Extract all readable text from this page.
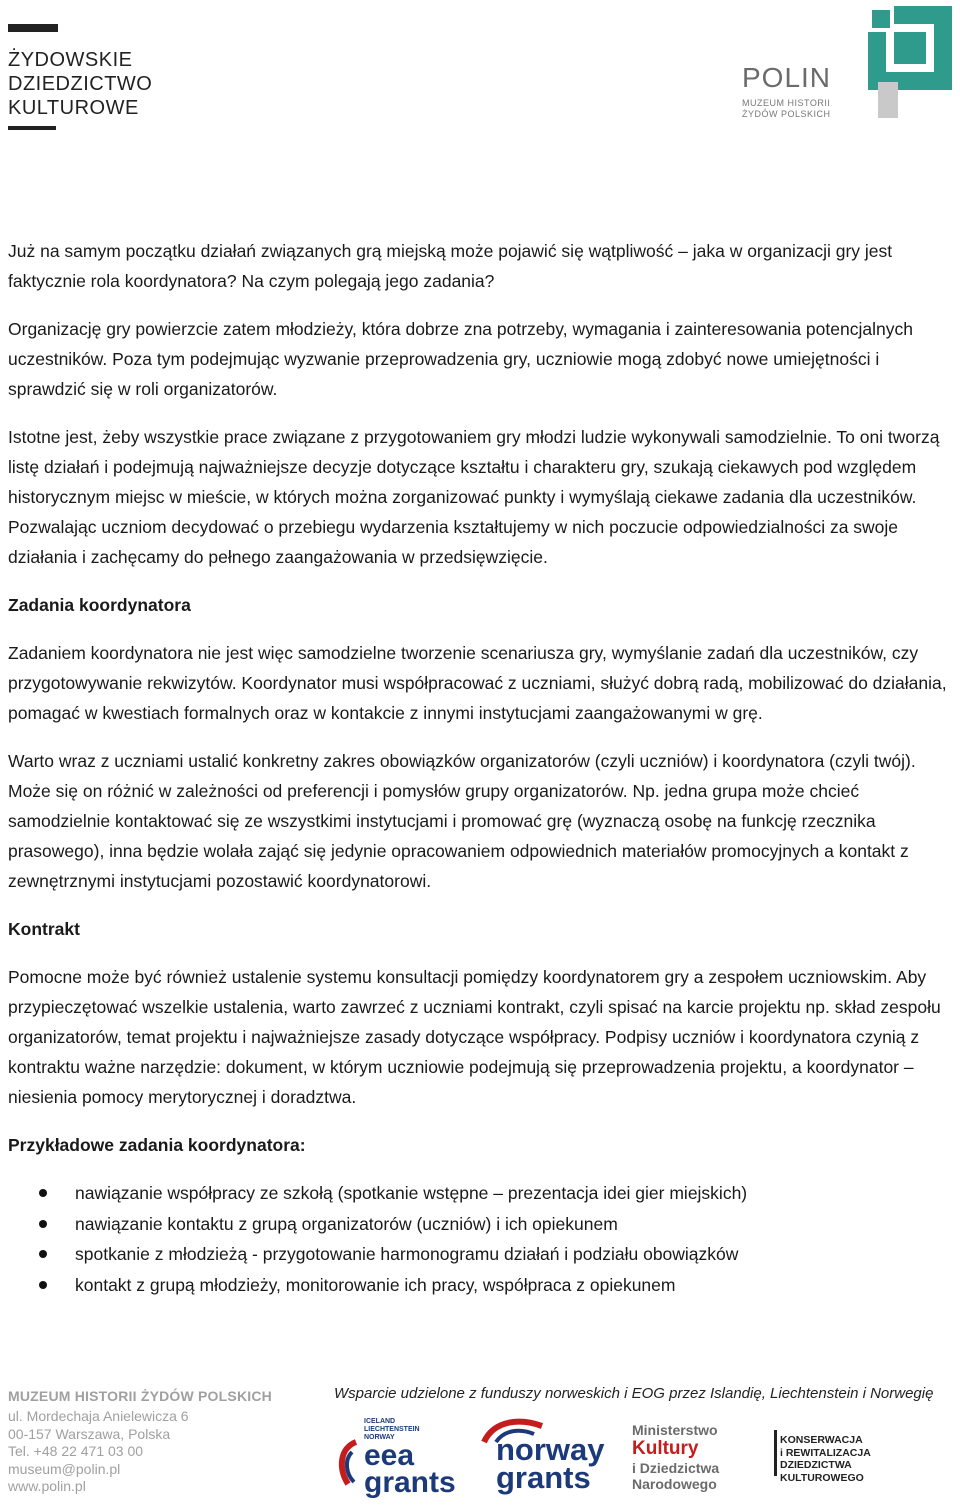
ŻYDOWSKIE
DZIEDZICTWO
KULTUROWE
POLIN
MUZEUM HISTORII
ŻYDÓW POLSKICH

Już na samym początku działań związanych grą miejską może pojawić się wątpliwość – jaka w organizacji gry jest faktycznie rola koordynatora? Na czym polegają jego zadania?

Organizację gry powierzcie zatem młodzieży, która dobrze zna potrzeby, wymagania i zainteresowania potencjalnych uczestników. Poza tym podejmując wyzwanie przeprowadzenia gry, uczniowie mogą zdobyć nowe umiejętności i sprawdzić się w roli organizatorów.

Istotne jest, żeby wszystkie prace związane z przygotowaniem gry młodzi ludzie wykonywali samodzielnie. To oni tworzą listę działań i podejmują najważniejsze decyzje dotyczące kształtu i charakteru gry, szukają ciekawych pod względem historycznym miejsc w mieście, w których można zorganizować punkty i wymyślają ciekawe zadania dla uczestników. Pozwalając uczniom decydować o przebiegu wydarzenia kształtujemy w nich poczucie odpowiedzialności za swoje działania i zachęcamy do pełnego zaangażowania w przedsięwzięcie.

Zadania koordynatora

Zadaniem koordynatora nie jest więc samodzielne tworzenie scenariusza gry, wymyślanie zadań dla uczestników, czy przygotowywanie rekwizytów. Koordynator musi współpracować z uczniami, służyć dobrą radą, mobilizować do działania, pomagać w kwestiach formalnych oraz w kontakcie z innymi instytucjami zaangażowanymi w grę.

Warto wraz z uczniami ustalić konkretny zakres obowiązków organizatorów (czyli uczniów) i koordynatora (czyli twój). Może się on różnić w zależności od preferencji i pomysłów grupy organizatorów. Np. jedna grupa może chcieć samodzielnie kontaktować się ze wszystkimi instytucjami i promować grę (wyznaczą osobę na funkcję rzecznika prasowego), inna będzie wolała zająć się jedynie opracowaniem odpowiednich materiałów promocyjnych a kontakt z zewnętrznymi instytucjami pozostawić koordynatorowi.

Kontrakt

Pomocne może być również ustalenie systemu konsultacji pomiędzy koordynatorem gry a zespołem uczniowskim. Aby przypieczętować wszelkie ustalenia, warto zawrzeć z uczniami kontrakt, czyli spisać na karcie projektu np. skład zespołu organizatorów, temat projektu i najważniejsze zasady dotyczące współpracy. Podpisy uczniów i koordynatora czynią z kontraktu ważne narzędzie: dokument, w którym uczniowie podejmują się przeprowadzenia projektu, a koordynator – niesienia pomocy merytorycznej i doradztwa.

Przykładowe zadania koordynatora:
nawiązanie współpracy ze szkołą (spotkanie wstępne – prezentacja idei gier miejskich)
nawiązanie kontaktu z grupą organizatorów (uczniów) i ich opiekunem
spotkanie z młodzieżą - przygotowanie harmonogramu działań i podziału obowiązków
kontakt z grupą młodzieży, monitorowanie ich pracy, współpraca z opiekunem
MUZEUM HISTORII ŻYDÓW POLSKICH
ul. Mordechaja Anielewicza 6
00-157 Warszawa, Polska
Tel. +48 22 471 03 00
museum@polin.pl
www.polin.pl
Wsparcie udzielone z funduszy norweskich i EOG przez Islandię, Liechtenstein i Norwegię
ICELAND
LIECHTENSTEIN
NORWAY
eea
grants
norway
grants
Ministerstwo
Kultury
i Dziedzictwa
Narodowego
KONSERWACJA
i REWITALIZACJA
DZIEDZICTWA
KULTUROWEGO
